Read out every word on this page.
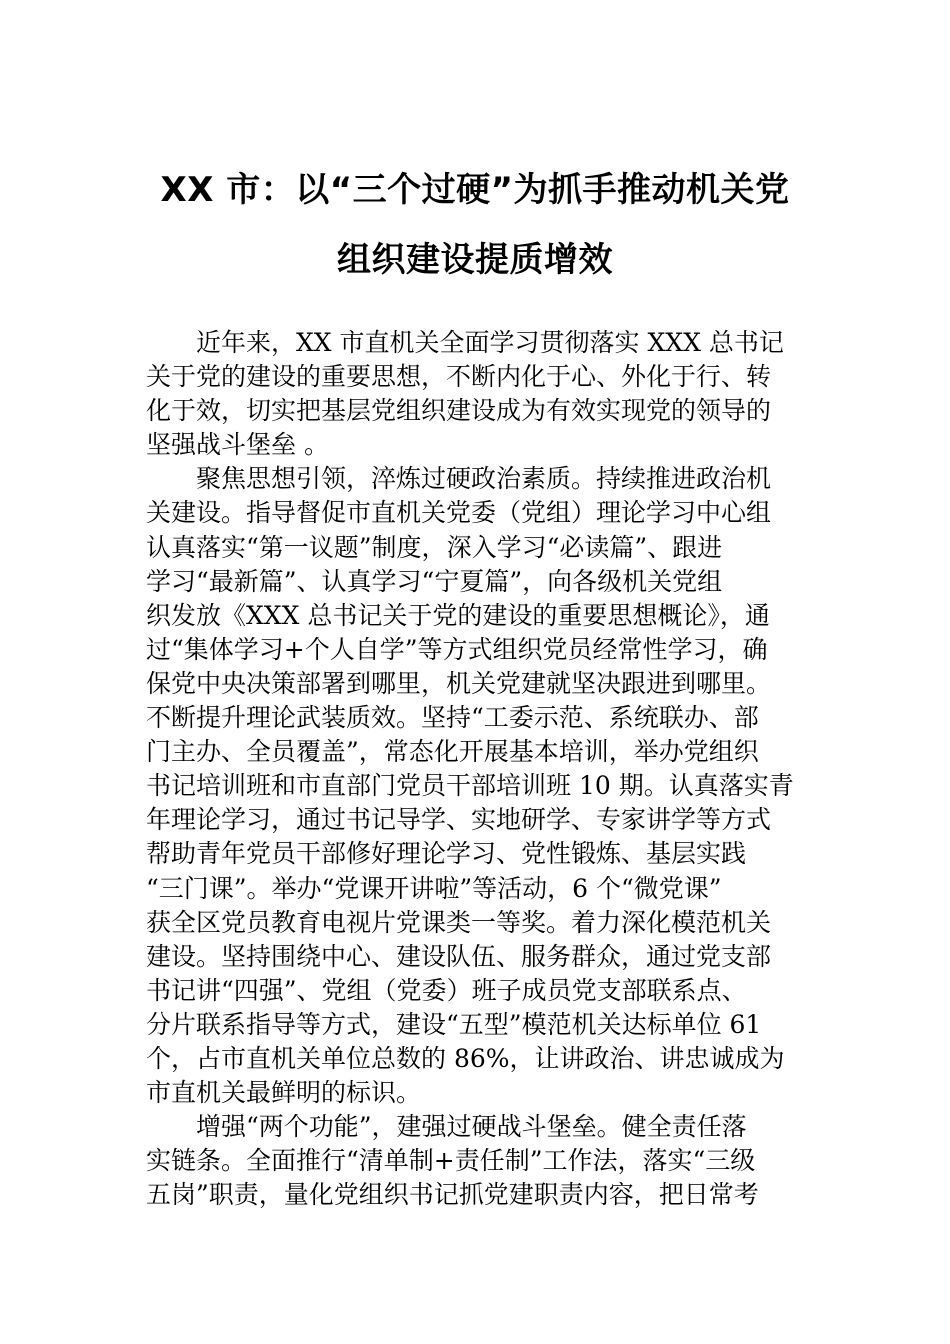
XX 市：以“三个过硬”为抓手推动机关党
组织建设提质增效
　　近年来，XX 市直机关全面学习贯彻落实 XXX 总书记
关于党的建设的重要思想，不断内化于心、外化于行、转
化于效，切实把基层党组织建设成为有效实现党的领导的
坚强战斗堡垒 。
　　聚焦思想引领，淬炼过硬政治素质。持续推进政治机
关建设。指导督促市直机关党委（党组）理论学习中心组
认真落实“第一议题”制度，深入学习“必读篇”、跟进
学习“最新篇”、认真学习“宁夏篇”，向各级机关党组
织发放《XXX 总书记关于党的建设的重要思想概论》，通
过“集体学习+个人自学”等方式组织党员经常性学习，确
保党中央决策部署到哪里，机关党建就坚决跟进到哪里。
不断提升理论武装质效。坚持“工委示范、系统联办、部
门主办、全员覆盖”，常态化开展基本培训，举办党组织
书记培训班和市直部门党员干部培训班 10 期。认真落实青
年理论学习，通过书记导学、实地研学、专家讲学等方式
帮助青年党员干部修好理论学习、党性锻炼、基层实践
“三门课”。举办“党课开讲啦”等活动，6 个“微党课”
获全区党员教育电视片党课类一等奖。着力深化模范机关
建设。坚持围绕中心、建设队伍、服务群众，通过党支部
书记讲“四强”、党组（党委）班子成员党支部联系点、
分片联系指导等方式，建设“五型”模范机关达标单位 61
个，占市直机关单位总数的 86%，让讲政治、讲忠诚成为
市直机关最鲜明的标识。
　　增强“两个功能”，建强过硬战斗堡垒。健全责任落
实链条。全面推行“清单制+责任制”工作法，落实“三级
五岗”职责，量化党组织书记抓党建职责内容，把日常考
